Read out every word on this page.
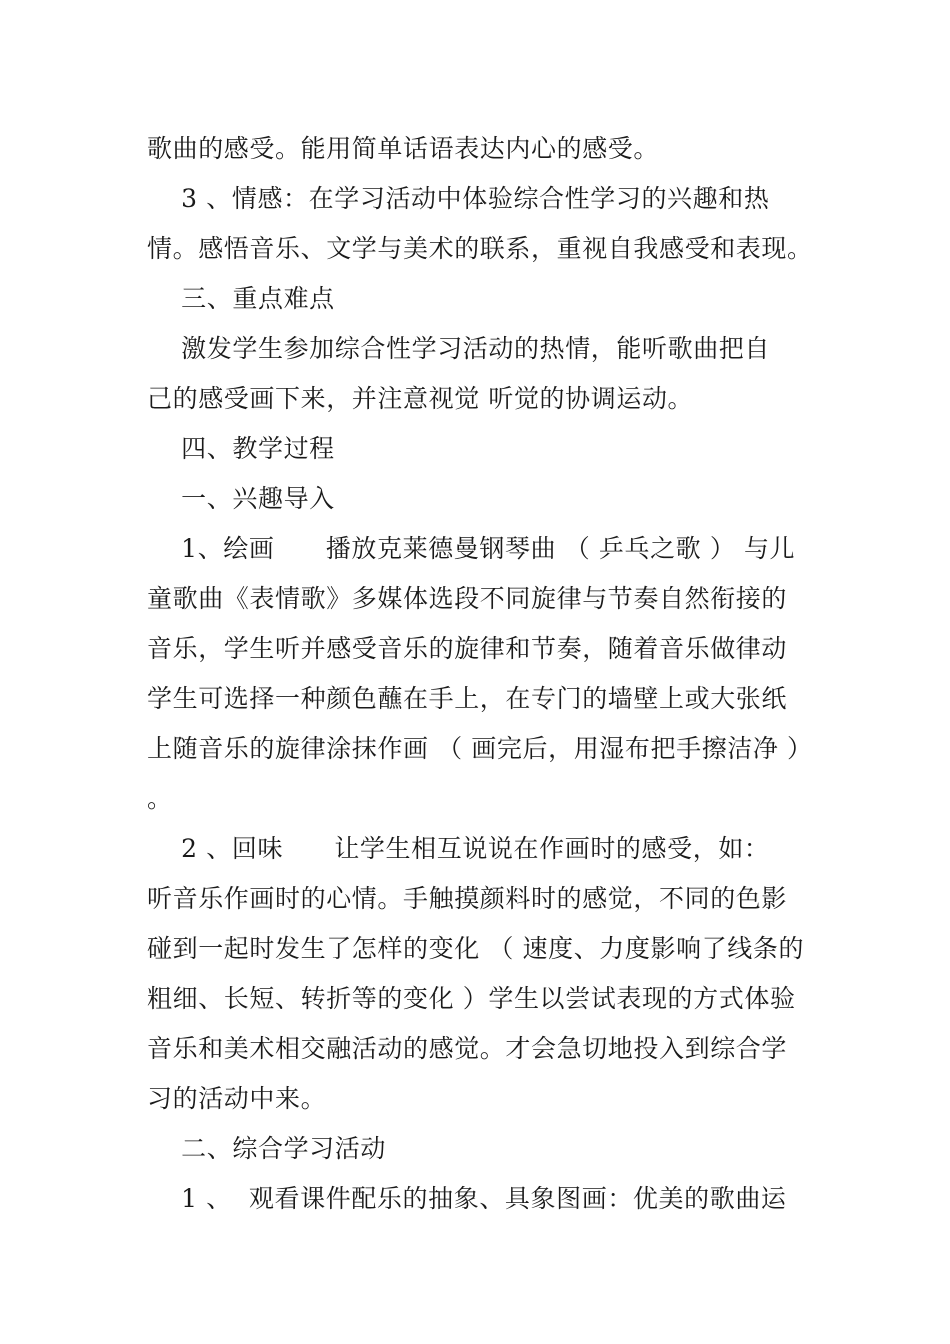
歌曲的感受。能用简单话语表达内心的感受。
3 、情感：在学习活动中体验综合性学习的兴趣和热
情。感悟音乐、文学与美术的联系，重视自我感受和表现。
三、重点难点
激发学生参加综合性学习活动的热情，能听歌曲把自
己的感受画下来，并注意视觉 听觉的协调运动。
四、教学过程
一、兴趣导入
1、绘画      播放克莱德曼钢琴曲 （ 乒乓之歌 ） 与儿
童歌曲《表情歌》多媒体选段不同旋律与节奏自然衔接的
音乐，学生听并感受音乐的旋律和节奏，随着音乐做律动
学生可选择一种颜色蘸在手上，在专门的墙壁上或大张纸
上随音乐的旋律涂抹作画 （ 画完后，用湿布把手擦洁净 ）
。
2 、回味      让学生相互说说在作画时的感受，如：
听音乐作画时的心情。手触摸颜料时的感觉，不同的色影
碰到一起时发生了怎样的变化 （ 速度、力度影响了线条的
粗细、长短、转折等的变化 ）学生以尝试表现的方式体验
音乐和美术相交融活动的感觉。才会急切地投入到综合学
习的活动中来。
二、综合学习活动
1 、  观看课件配乐的抽象、具象图画：优美的歌曲运
